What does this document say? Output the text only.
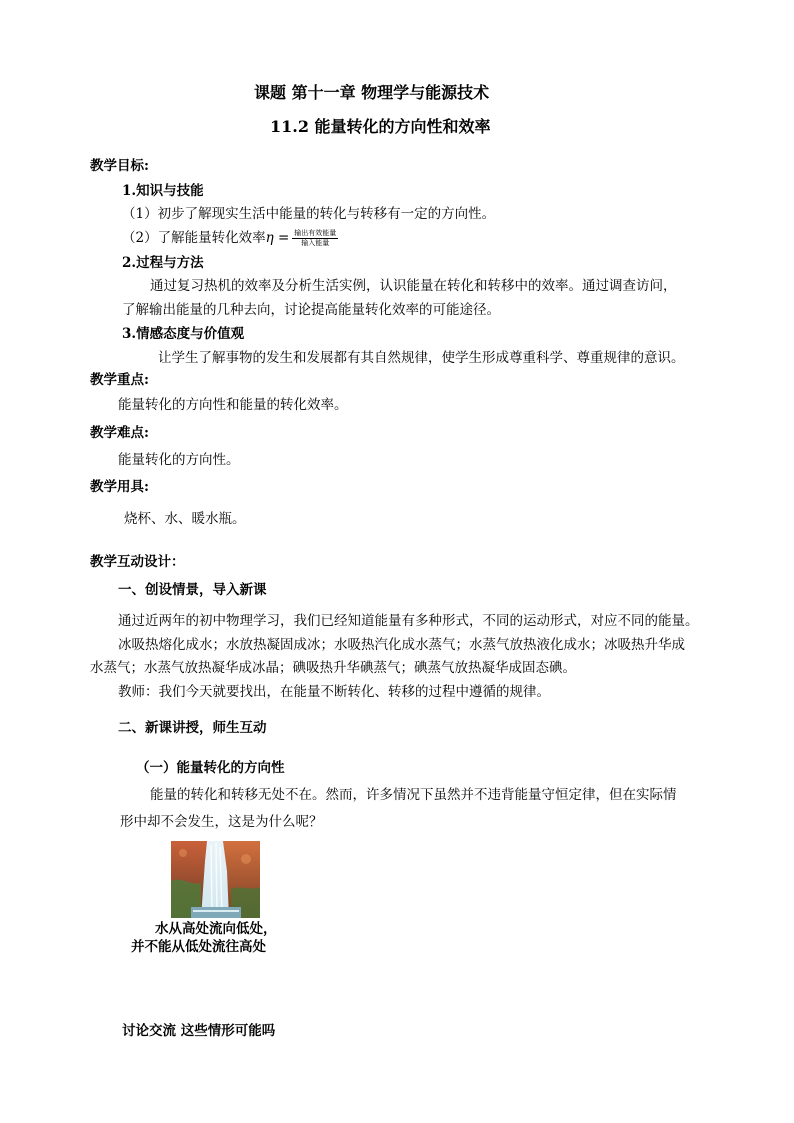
课题 第十一章 物理学与能源技术
11.2 能量转化的方向性和效率
教学目标:
1.知识与技能
（1）初步了解现实生活中能量的转化与转移有一定的方向性。
（2）了解能量转化效率$\eta = \frac{\text{输出有效能量}}{\text{输入能量}}$
2.过程与方法
通过复习热机的效率及分析生活实例，认识能量在转化和转移中的效率。通过调查访问，
了解输出能量的几种去向，讨论提高能量转化效率的可能途径。
3.情感态度与价值观
让学生了解事物的发生和发展都有其自然规律，使学生形成尊重科学、尊重规律的意识。
教学重点:
能量转化的方向性和能量的转化效率。
教学难点:
能量转化的方向性。
教学用具:
烧杯、水、暖水瓶。
教学互动设计：
一、创设情景，导入新课
通过近两年的初中物理学习，我们已经知道能量有多种形式，不同的运动形式，对应不同的能量。
冰吸热熔化成水；水放热凝固成冰；水吸热汽化成水蒸气；水蒸气放热液化成水；冰吸热升华成
水蒸气；水蒸气放热凝华成冰晶；碘吸热升华碘蒸气；碘蒸气放热凝华成固态碘。
教师：我们今天就要找出，在能量不断转化、转移的过程中遵循的规律。
二、新课讲授，师生互动
（一）能量转化的方向性
能量的转化和转移无处不在。然而，许多情况下虽然并不违背能量守恒定律，但在实际情
形中却不会发生，这是为什么呢？
水从高处流向低处，
并不能从低处流往高处
讨论交流 这些情形可能吗
